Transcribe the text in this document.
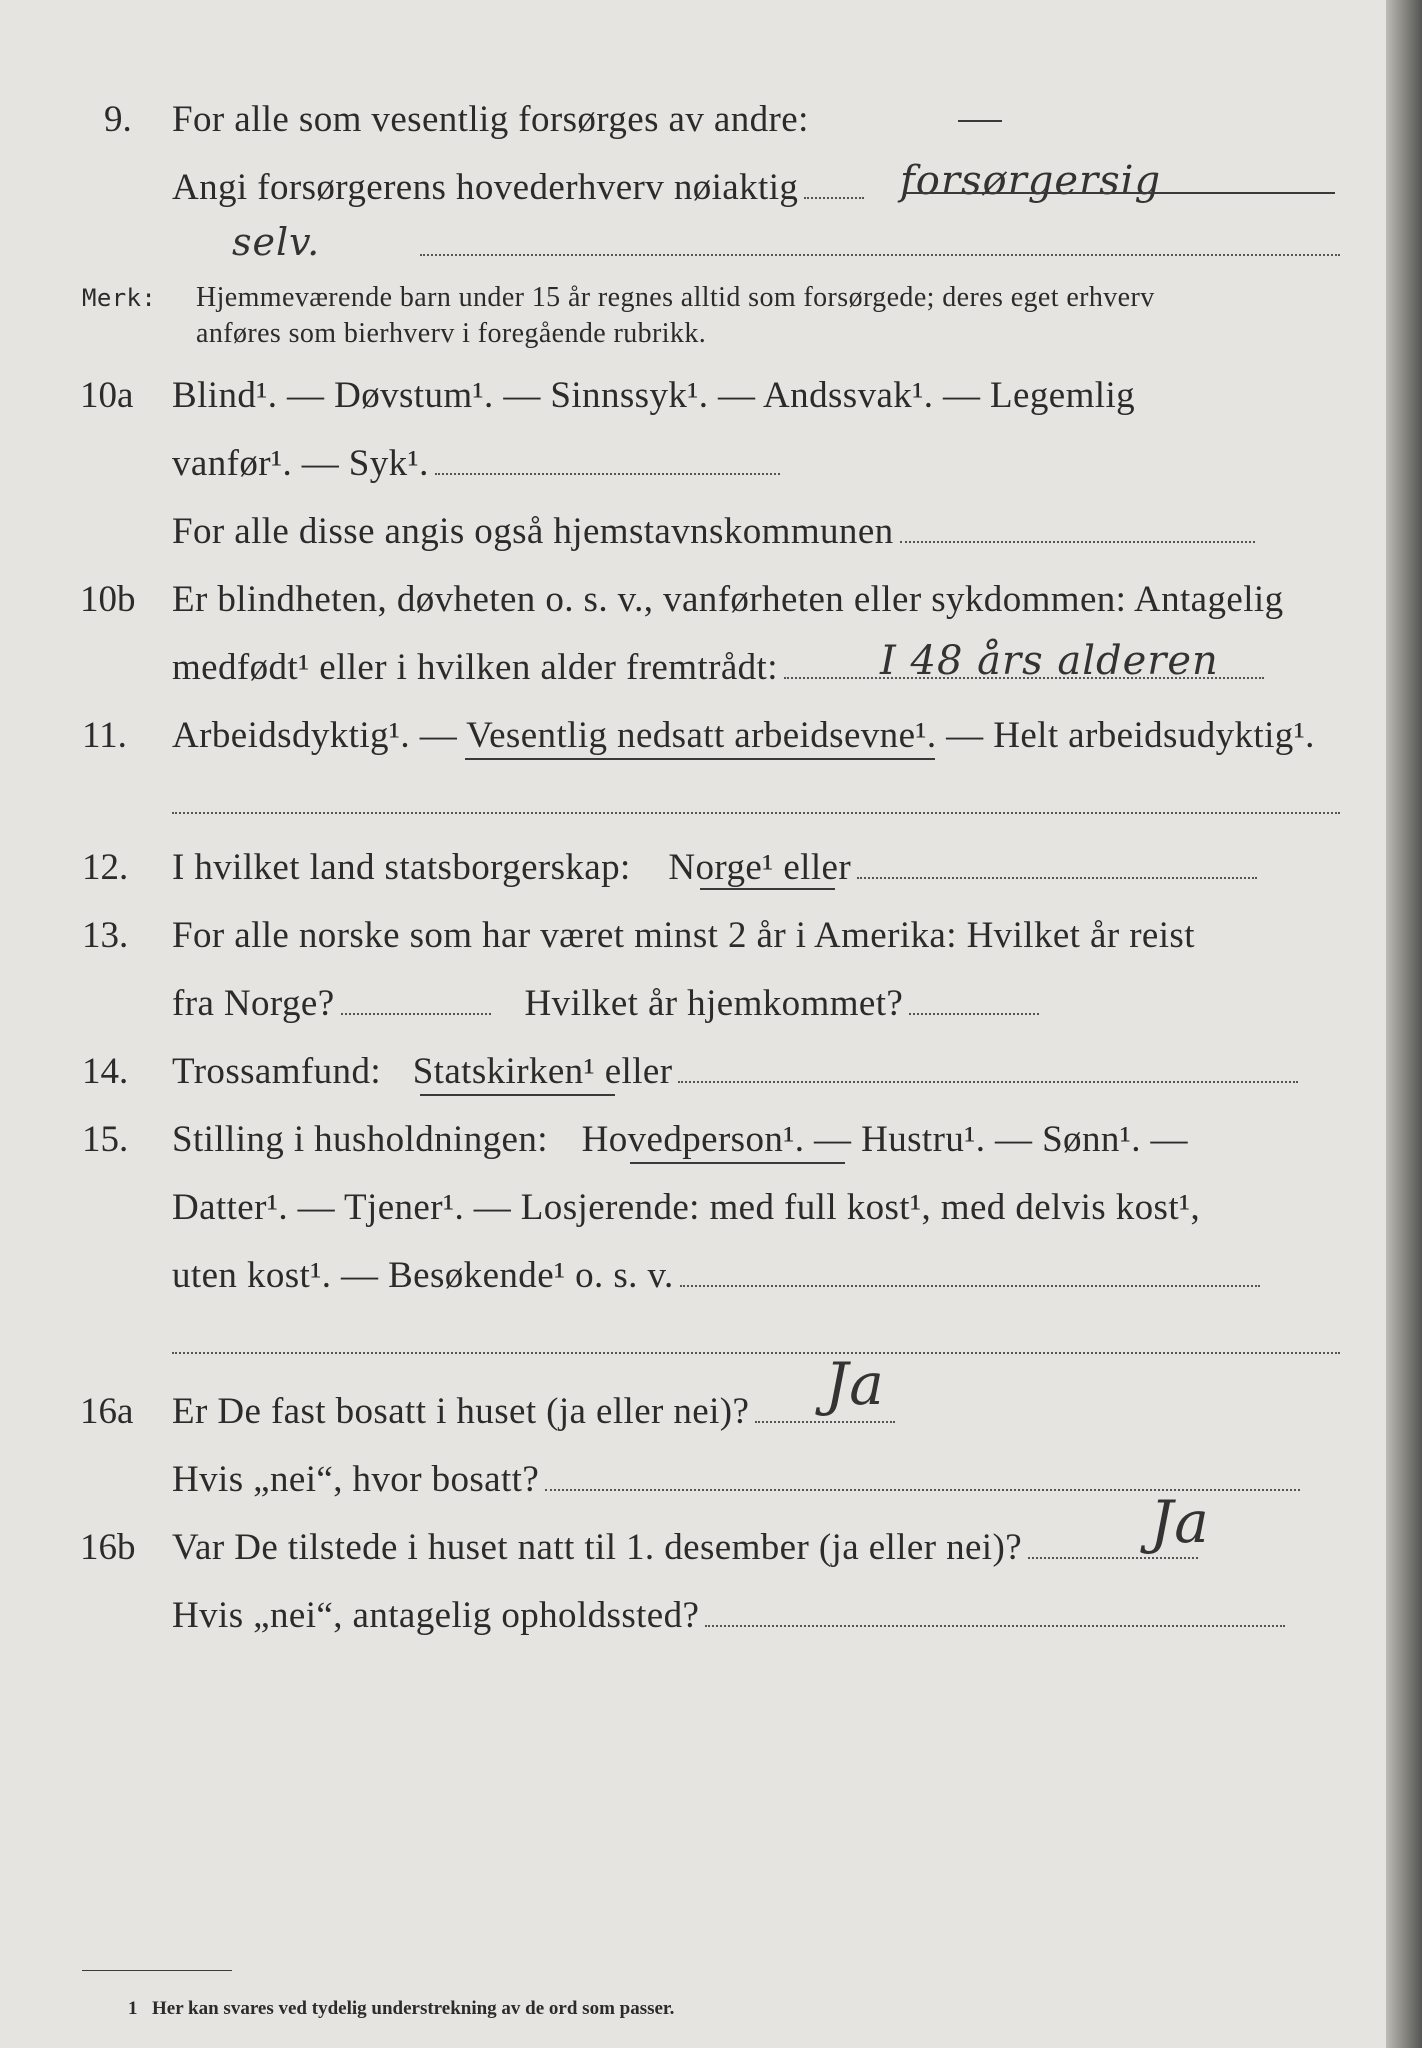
9. For alle som vesentlig forsørges av andre:
Angi forsørgerens hovederhverv nøiaktig	forsørgersig
selv.
Merk: Hjemmeværende barn under 15 år regnes alltid som forsørgede; deres eget erhverv
anføres som bierhverv i foregående rubrikk.
10a Blind¹. — Døvstum¹. — Sinnssyk¹. — Andssvak¹. — Legemlig
vanfør¹. — Syk¹.
For alle disse angis også hjemstavnskommunen
10b Er blindheten, døvheten o. s. v., vanførheten eller sykdommen: Antagelig
medfødt¹ eller i hvilken alder fremtrådt:	I 48 års alderen
11. Arbeidsdyktig¹. — Vesentlig nedsatt arbeidsevne¹. — Helt arbeidsudyktig¹.
12. I hvilket land statsborgerskap: Norge¹ eller
13. For alle norske som har været minst 2 år i Amerika: Hvilket år reist
fra Norge?	Hvilket år hjemkommet?
14. Trossamfund: Statskirken¹ eller
15. Stilling i husholdningen: Hovedperson¹. — Hustru¹. — Sønn¹. —
Datter¹. — Tjener¹. — Losjerende: med full kost¹, med delvis kost¹,
uten kost¹. — Besøkende¹ o. s. v.
16a Er De fast bosatt i huset (ja eller nei)?	Ja
Hvis „nei“, hvor bosatt?
16b Var De tilstede i huset natt til 1. desember (ja eller nei)?	Ja
Hvis „nei“, antagelig opholdssted?
1 Her kan svares ved tydelig understrekning av de ord som passer.
